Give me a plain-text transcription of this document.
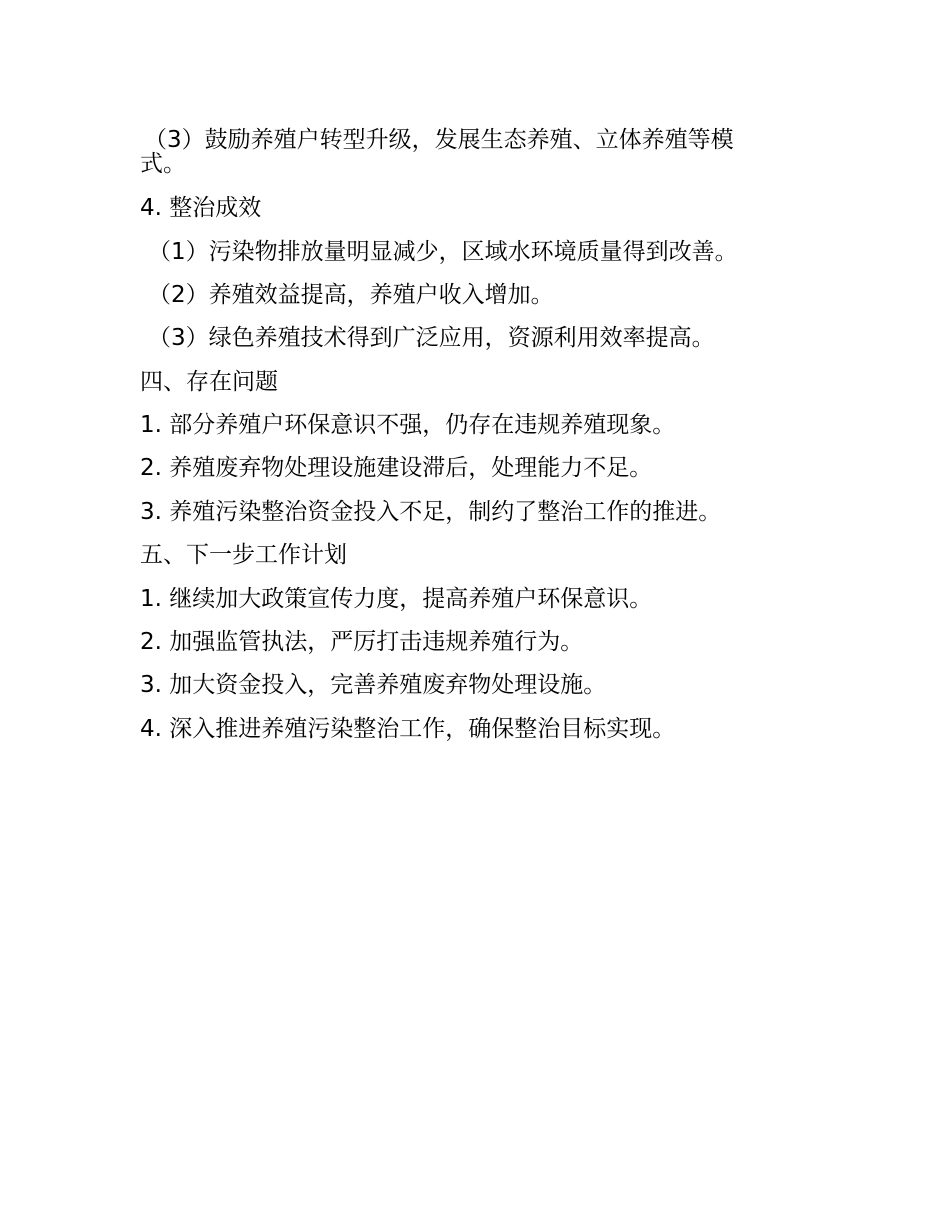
（3）鼓励养殖户转型升级，发展生态养殖、立体养殖等模
式。
4. 整治成效
（1）污染物排放量明显减少，区域水环境质量得到改善。
（2）养殖效益提高，养殖户收入增加。
（3）绿色养殖技术得到广泛应用，资源利用效率提高。
四、存在问题
1. 部分养殖户环保意识不强，仍存在违规养殖现象。
2. 养殖废弃物处理设施建设滞后，处理能力不足。
3. 养殖污染整治资金投入不足，制约了整治工作的推进。
五、下一步工作计划
1. 继续加大政策宣传力度，提高养殖户环保意识。
2. 加强监管执法，严厉打击违规养殖行为。
3. 加大资金投入，完善养殖废弃物处理设施。
4. 深入推进养殖污染整治工作，确保整治目标实现。
